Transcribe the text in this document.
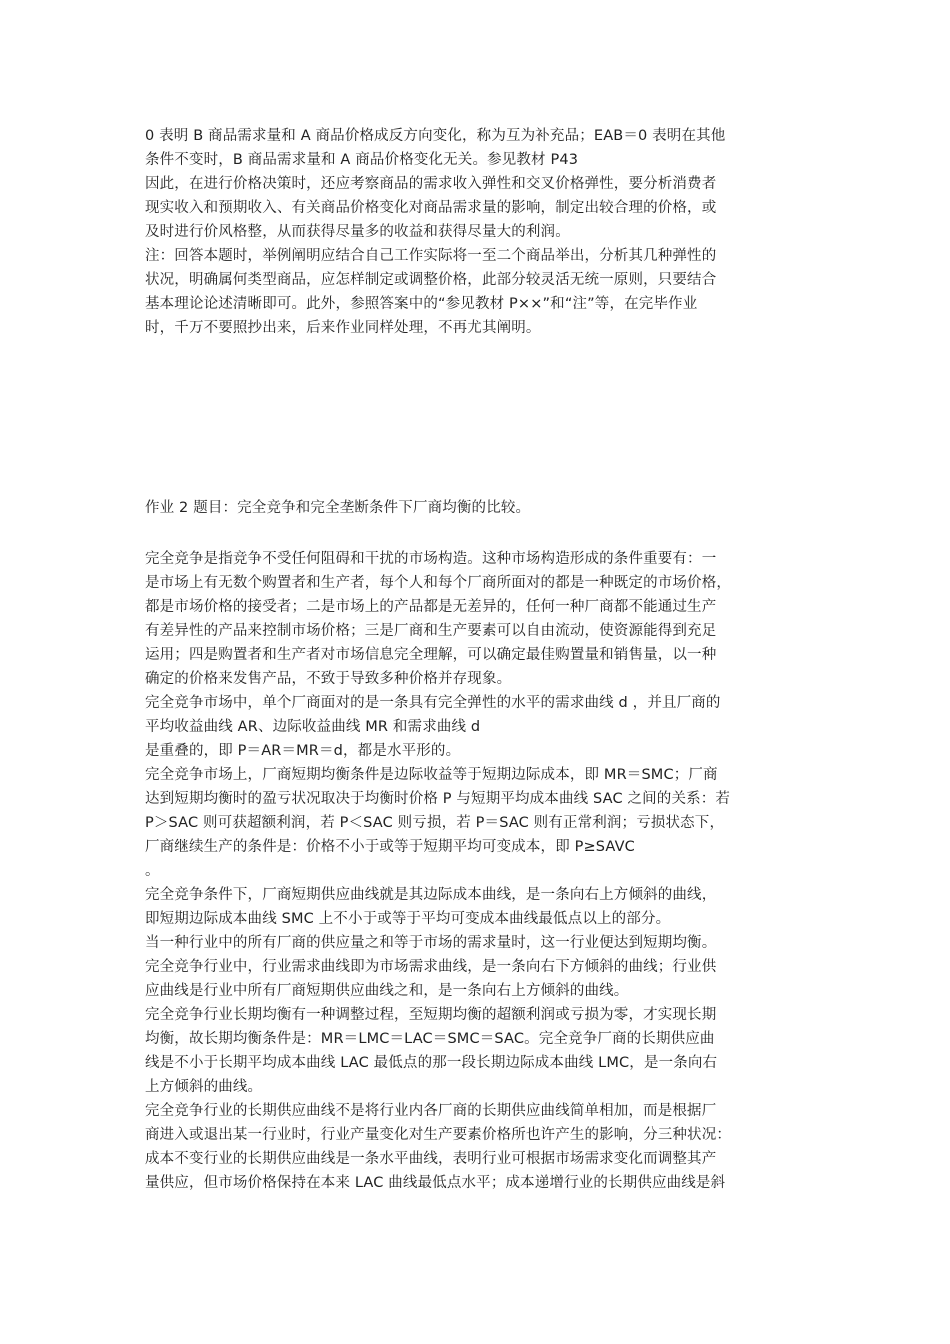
0 表明 B 商品需求量和 A 商品价格成反方向变化，称为互为补充品；EAB＝0 表明在其他
条件不变时，B 商品需求量和 A 商品价格变化无关。参见教材 P43
因此，在进行价格决策时，还应考察商品的需求收入弹性和交叉价格弹性，要分析消费者
现实收入和预期收入、有关商品价格变化对商品需求量的影响，制定出较合理的价格，或
及时进行价风格整，从而获得尽量多的收益和获得尽量大的利润。
注：回答本题时，举例阐明应结合自己工作实际将一至二个商品举出，分析其几种弹性的
状况，明确属何类型商品，应怎样制定或调整价格，此部分较灵活无统一原则，只要结合
基本理论论述清晰即可。此外，参照答案中的“参见教材 P××”和“注”等，在完毕作业
时，千万不要照抄出来，后来作业同样处理，不再尤其阐明。
作业 2 题目：完全竞争和完全垄断条件下厂商均衡的比较。
完全竞争是指竞争不受任何阻碍和干扰的市场构造。这种市场构造形成的条件重要有：一
是市场上有无数个购置者和生产者，每个人和每个厂商所面对的都是一种既定的市场价格，
都是市场价格的接受者；二是市场上的产品都是无差异的，任何一种厂商都不能通过生产
有差异性的产品来控制市场价格；三是厂商和生产要素可以自由流动，使资源能得到充足
运用；四是购置者和生产者对市场信息完全理解，可以确定最佳购置量和销售量，以一种
确定的价格来发售产品，不致于导致多种价格并存现象。
完全竞争市场中，单个厂商面对的是一条具有完全弹性的水平的需求曲线 d ，并且厂商的
平均收益曲线 AR、边际收益曲线 MR 和需求曲线 d
是重叠的，即 P＝AR＝MR＝d，都是水平形的。
完全竞争市场上，厂商短期均衡条件是边际收益等于短期边际成本，即 MR＝SMC；厂商
达到短期均衡时的盈亏状况取决于均衡时价格 P 与短期平均成本曲线 SAC 之间的关系：若
P＞SAC 则可获超额利润，若 P＜SAC 则亏损，若 P＝SAC 则有正常利润；亏损状态下，
厂商继续生产的条件是：价格不小于或等于短期平均可变成本，即 P≥SAVC
。
完全竞争条件下，厂商短期供应曲线就是其边际成本曲线，是一条向右上方倾斜的曲线，
即短期边际成本曲线 SMC 上不小于或等于平均可变成本曲线最低点以上的部分。
当一种行业中的所有厂商的供应量之和等于市场的需求量时，这一行业便达到短期均衡。
完全竞争行业中，行业需求曲线即为市场需求曲线，是一条向右下方倾斜的曲线；行业供
应曲线是行业中所有厂商短期供应曲线之和，是一条向右上方倾斜的曲线。
完全竞争行业长期均衡有一种调整过程，至短期均衡的超额利润或亏损为零，才实现长期
均衡，故长期均衡条件是：MR＝LMC＝LAC＝SMC＝SAC。完全竞争厂商的长期供应曲
线是不小于长期平均成本曲线 LAC 最低点的那一段长期边际成本曲线 LMC，是一条向右
上方倾斜的曲线。
完全竞争行业的长期供应曲线不是将行业内各厂商的长期供应曲线简单相加，而是根据厂
商进入或退出某一行业时，行业产量变化对生产要素价格所也许产生的影响，分三种状况：
成本不变行业的长期供应曲线是一条水平曲线，表明行业可根据市场需求变化而调整其产
量供应，但市场价格保持在本来 LAC 曲线最低点水平；成本递增行业的长期供应曲线是斜
